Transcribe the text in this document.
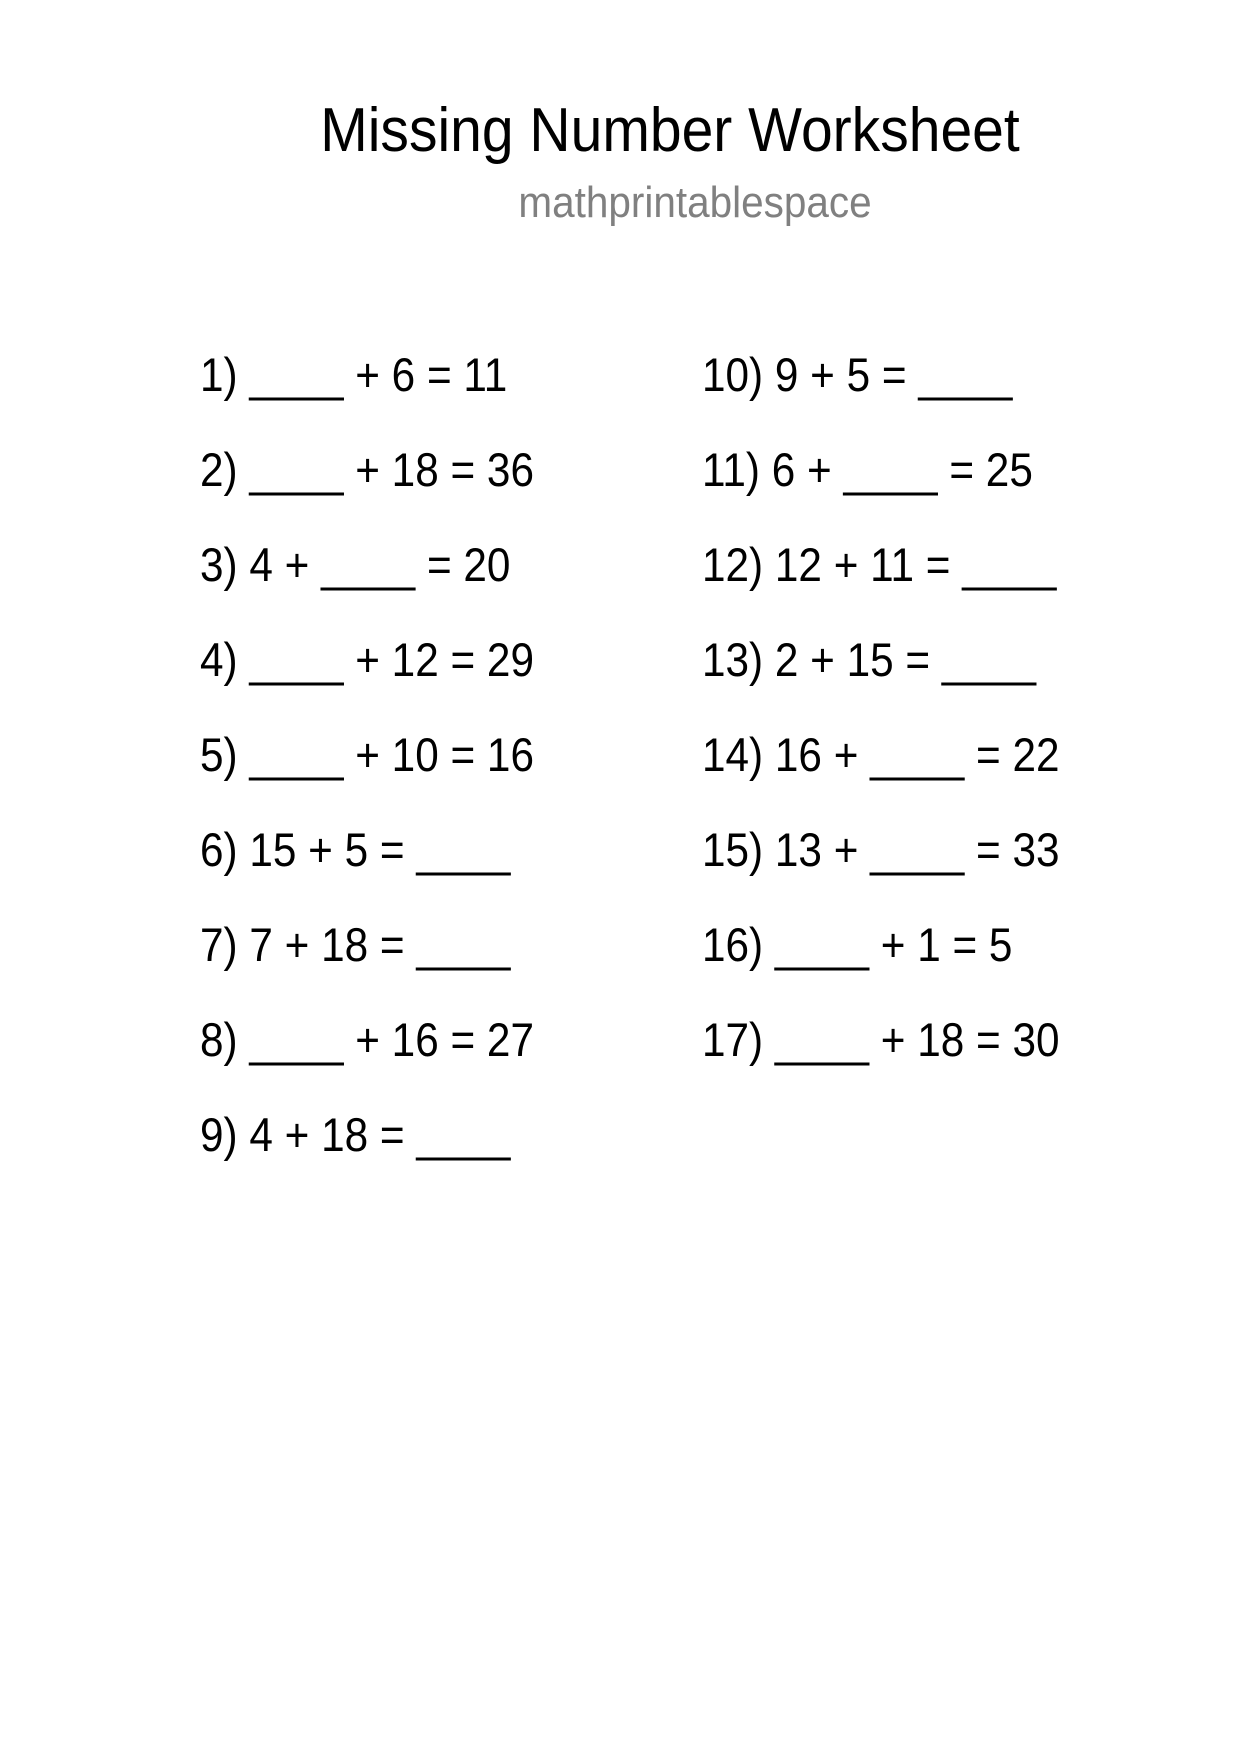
Missing Number Worksheet
mathprintablespace
1) ____ + 6 = 11
2) ____ + 18 = 36
3) 4 + ____ = 20
4) ____ + 12 = 29
5) ____ + 10 = 16
6) 15 + 5 = ____
7) 7 + 18 = ____
8) ____ + 16 = 27
9) 4 + 18 = ____
10) 9 + 5 = ____
11) 6 + ____ = 25
12) 12 + 11 = ____
13) 2 + 15 = ____
14) 16 + ____ = 22
15) 13 + ____ = 33
16) ____ + 1 = 5
17) ____ + 18 = 30
